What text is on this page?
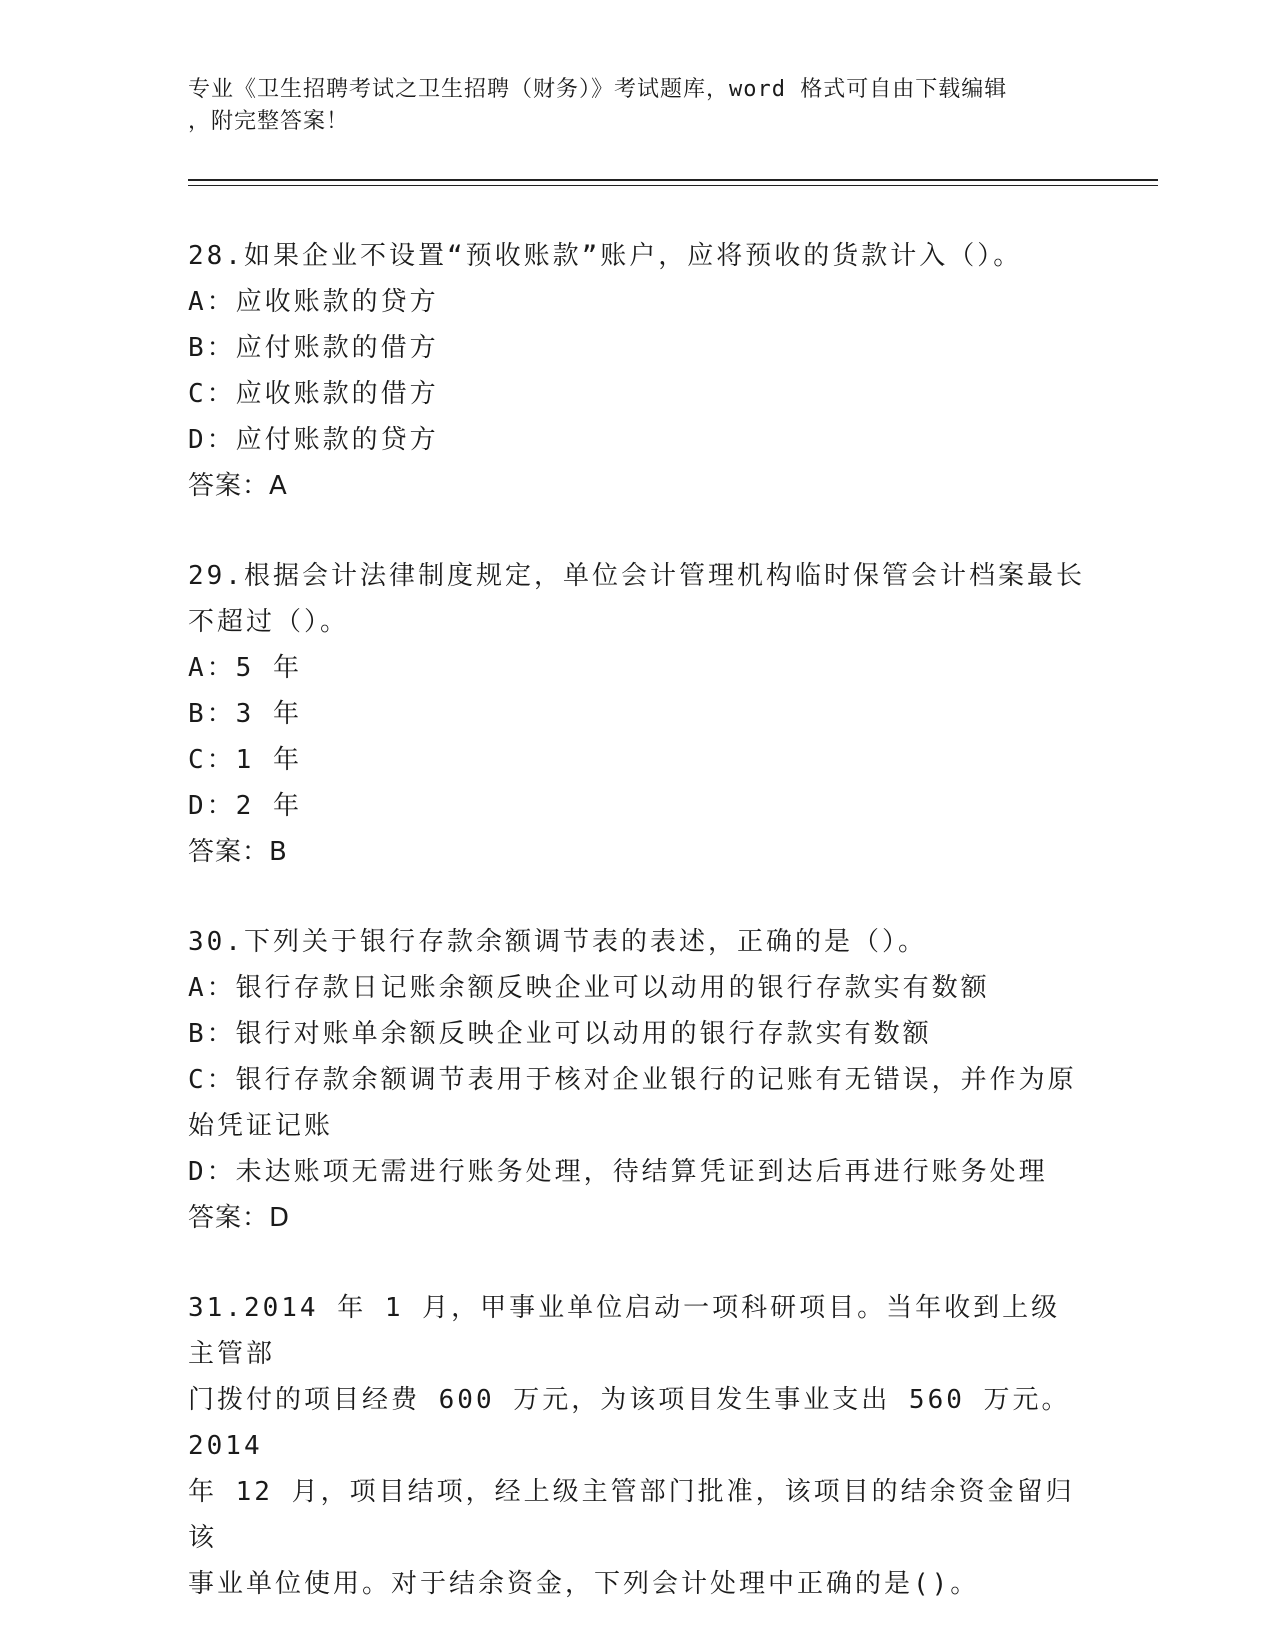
专业《卫生招聘考试之卫生招聘（财务）》考试题库，word 格式可自由下载编辑
，附完整答案！

28.如果企业不设置“预收账款”账户，应将预收的货款计入（）。

A：应收账款的贷方

B：应付账款的借方

C：应收账款的借方

D：应付账款的贷方

答案：A

29.根据会计法律制度规定，单位会计管理机构临时保管会计档案最长

不超过（）。

A：5 年

B：3 年

C：1 年

D：2 年

答案：B

30.下列关于银行存款余额调节表的表述，正确的是（）。

A：银行存款日记账余额反映企业可以动用的银行存款实有数额

B：银行对账单余额反映企业可以动用的银行存款实有数额

C：银行存款余额调节表用于核对企业银行的记账有无错误，并作为原

始凭证记账

D：未达账项无需进行账务处理，待结算凭证到达后再进行账务处理

答案：D

31.2014 年 1 月，甲事业单位启动一项科研项目。当年收到上级主管部

门拨付的项目经费 600 万元，为该项目发生事业支出 560 万元。2014

年 12 月，项目结项，经上级主管部门批准，该项目的结余资金留归该

事业单位使用。对于结余资金，下列会计处理中正确的是()。
